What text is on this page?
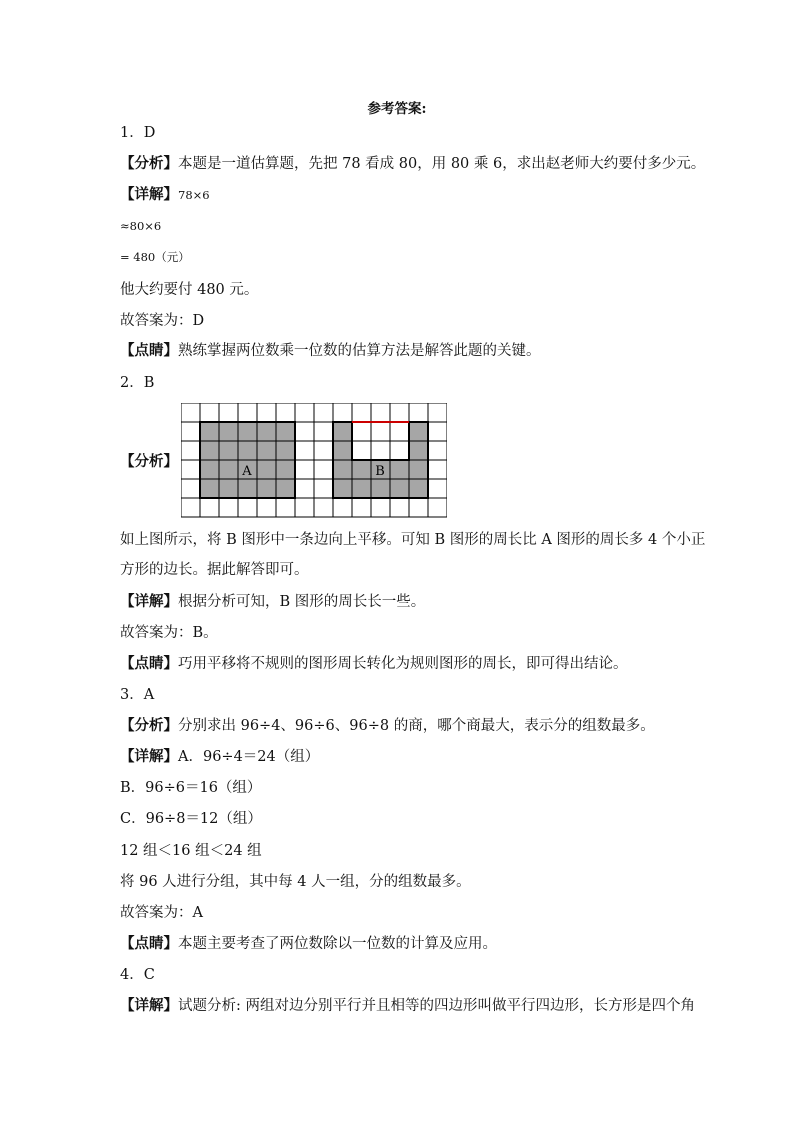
参考答案:
1．D
【分析】本题是一道估算题，先把 78 看成 80，用 80 乘 6，求出赵老师大约要付多少元。
【详解】78×6
≈80×6
= 480（元）
他大约要付 480 元。
故答案为：D
【点睛】熟练掌握两位数乘一位数的估算方法是解答此题的关键。
2．B
【分析】
A	B
如上图所示，将 B 图形中一条边向上平移。可知 B 图形的周长比 A 图形的周长多 4 个小正
方形的边长。据此解答即可。
【详解】根据分析可知，B 图形的周长长一些。
故答案为：B。
【点睛】巧用平移将不规则的图形周长转化为规则图形的周长，即可得出结论。
3．A
【分析】分别求出 96÷4、96÷6、96÷8 的商，哪个商最大，表示分的组数最多。
【详解】A．96÷4＝24（组）
B．96÷6＝16（组）
C．96÷8＝12（组）
12 组＜16 组＜24 组
将 96 人进行分组，其中每 4 人一组，分的组数最多。
故答案为：A
【点睛】本题主要考查了两位数除以一位数的计算及应用。
4．C
【详解】试题分析: 两组对边分别平行并且相等的四边形叫做平行四边形，长方形是四个角
